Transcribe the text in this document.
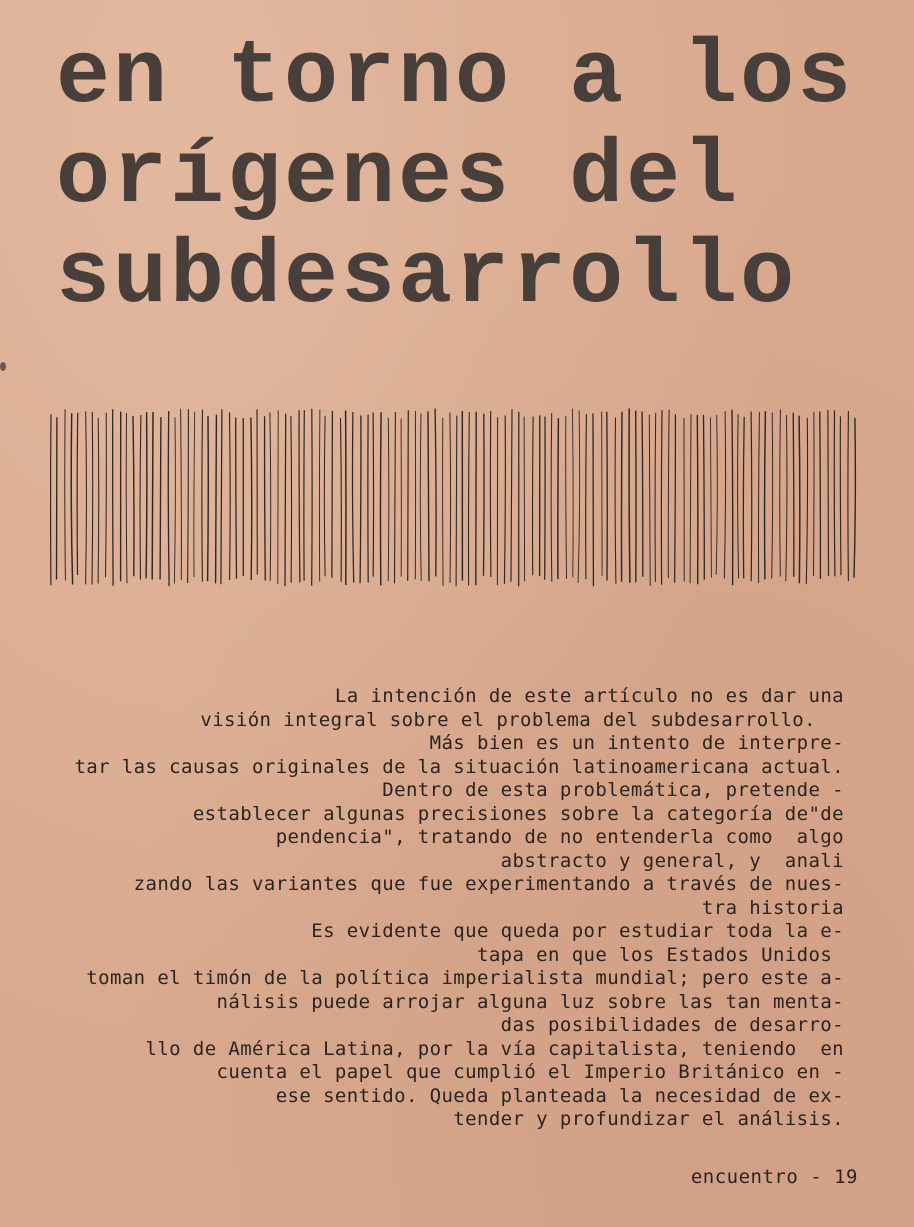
en torno a los
orígenes del
subdesarrollo
La intención de este artículo no es dar una
visión integral sobre el problema del subdesarrollo.
Más bien es un intento de interpre-
tar las causas originales de la situación latinoamericana actual.
Dentro de esta problemática, pretende -
establecer algunas precisiones sobre la categoría de"de
pendencia", tratando de no entenderla como  algo
abstracto y general, y  anali
zando las variantes que fue experimentando a través de nues-
tra historia
Es evidente que queda por estudiar toda la e-
tapa en que los Estados Unidos
toman el timón de la política imperialista mundial; pero este a-
nálisis puede arrojar alguna luz sobre las tan menta-
das posibilidades de desarro-
llo de América Latina, por la vía capitalista, teniendo  en
cuenta el papel que cumplió el Imperio Británico en -
ese sentido. Queda planteada la necesidad de ex-
tender y profundizar el análisis.

encuentro - 19
